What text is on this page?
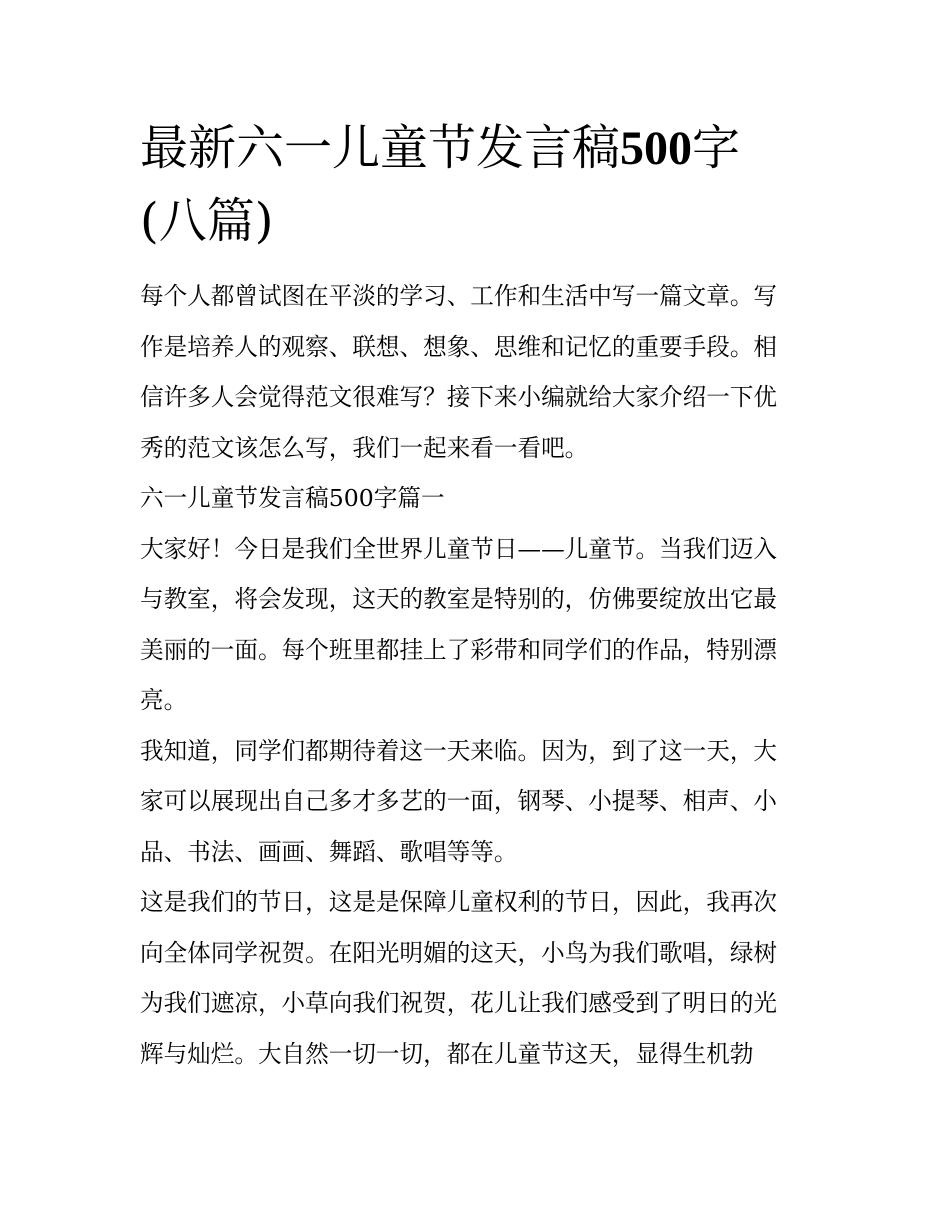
最新六一儿童节发言稿500字
(八篇)

每个人都曾试图在平淡的学习、工作和生活中写一篇文章。写
作是培养人的观察、联想、想象、思维和记忆的重要手段。相
信许多人会觉得范文很难写？接下来小编就给大家介绍一下优
秀的范文该怎么写，我们一起来看一看吧。

六一儿童节发言稿500字篇一

大家好！今日是我们全世界儿童节日——儿童节。当我们迈入
与教室，将会发现，这天的教室是特别的，仿佛要绽放出它最
美丽的一面。每个班里都挂上了彩带和同学们的作品，特别漂
亮。

我知道，同学们都期待着这一天来临。因为，到了这一天，大
家可以展现出自己多才多艺的一面，钢琴、小提琴、相声、小
品、书法、画画、舞蹈、歌唱等等。

这是我们的节日，这是是保障儿童权利的节日，因此，我再次
向全体同学祝贺。在阳光明媚的这天，小鸟为我们歌唱，绿树
为我们遮凉，小草向我们祝贺，花儿让我们感受到了明日的光
辉与灿烂。大自然一切一切，都在儿童节这天，显得生机勃
